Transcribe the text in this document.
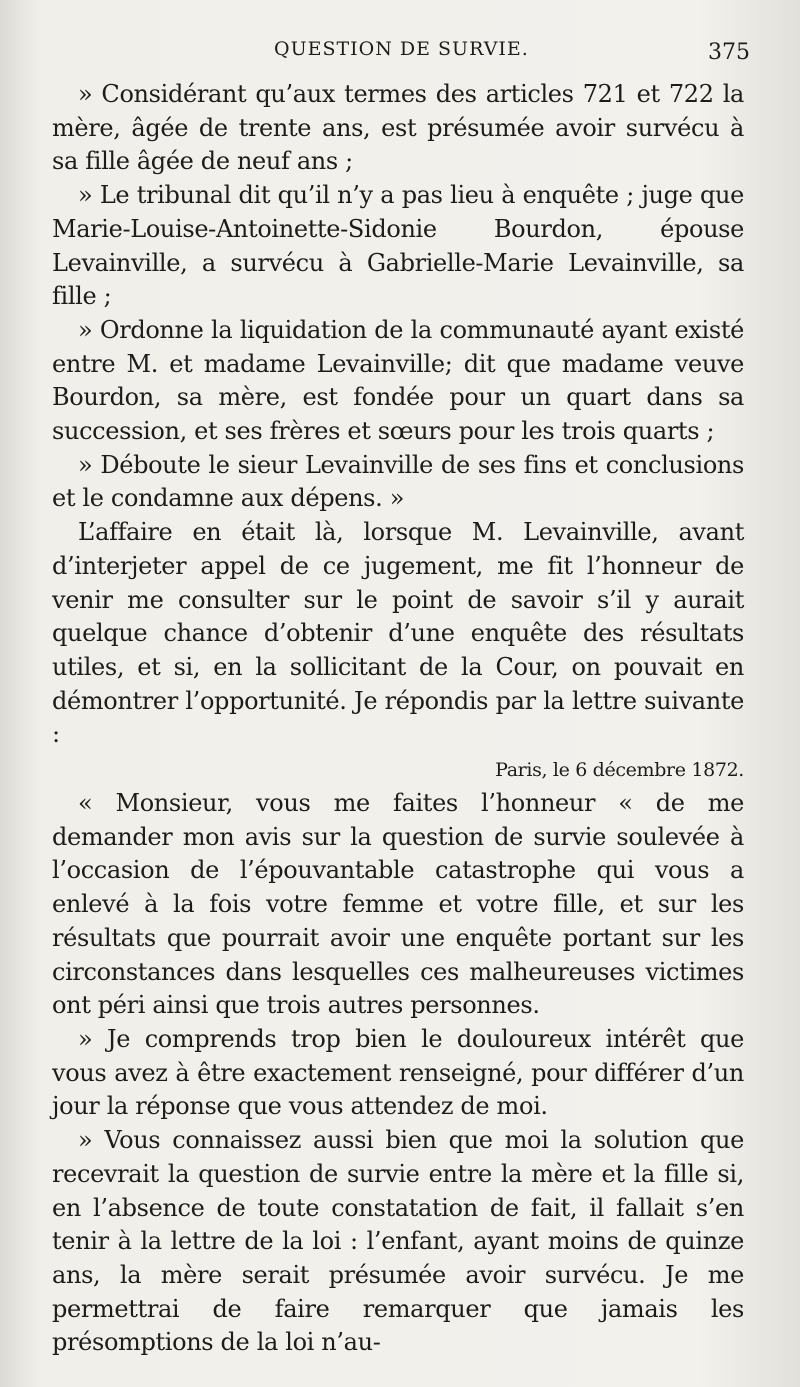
QUESTION DE SURVIE.	375

» Considérant qu’aux termes des articles 721 et 722 la mère, âgée de trente ans, est présumée avoir survécu à sa fille âgée de neuf ans ;

» Le tribunal dit qu’il n’y a pas lieu à enquête ; juge que Marie-Louise-Antoinette-Sidonie Bourdon, épouse Levainville, a survécu à Gabrielle-Marie Levainville, sa fille ;

» Ordonne la liquidation de la communauté ayant existé entre M. et madame Levainville; dit que madame veuve Bourdon, sa mère, est fondée pour un quart dans sa succession, et ses frères et sœurs pour les trois quarts ;

» Déboute le sieur Levainville de ses fins et conclusions et le condamne aux dépens. »

L’affaire en était là, lorsque M. Levainville, avant d’interjeter appel de ce jugement, me fit l’honneur de venir me consulter sur le point de savoir s’il y aurait quelque chance d’obtenir d’une enquête des résultats utiles, et si, en la sollicitant de la Cour, on pouvait en démontrer l’opportunité. Je répondis par la lettre suivante :

Paris, le 6 décembre 1872.

« Monsieur, vous me faites l’honneur « de me demander mon avis sur la question de survie soulevée à l’occasion de l’épouvantable catastrophe qui vous a enlevé à la fois votre femme et votre fille, et sur les résultats que pourrait avoir une enquête portant sur les circonstances dans lesquelles ces malheureuses victimes ont péri ainsi que trois autres personnes.

» Je comprends trop bien le douloureux intérêt que vous avez à être exactement renseigné, pour différer d’un jour la réponse que vous attendez de moi.

» Vous connaissez aussi bien que moi la solution que recevrait la question de survie entre la mère et la fille si, en l’absence de toute constatation de fait, il fallait s’en tenir à la lettre de la loi : l’enfant, ayant moins de quinze ans, la mère serait présumée avoir survécu. Je me permettrai de faire remarquer que jamais les présomptions de la loi n’au-
